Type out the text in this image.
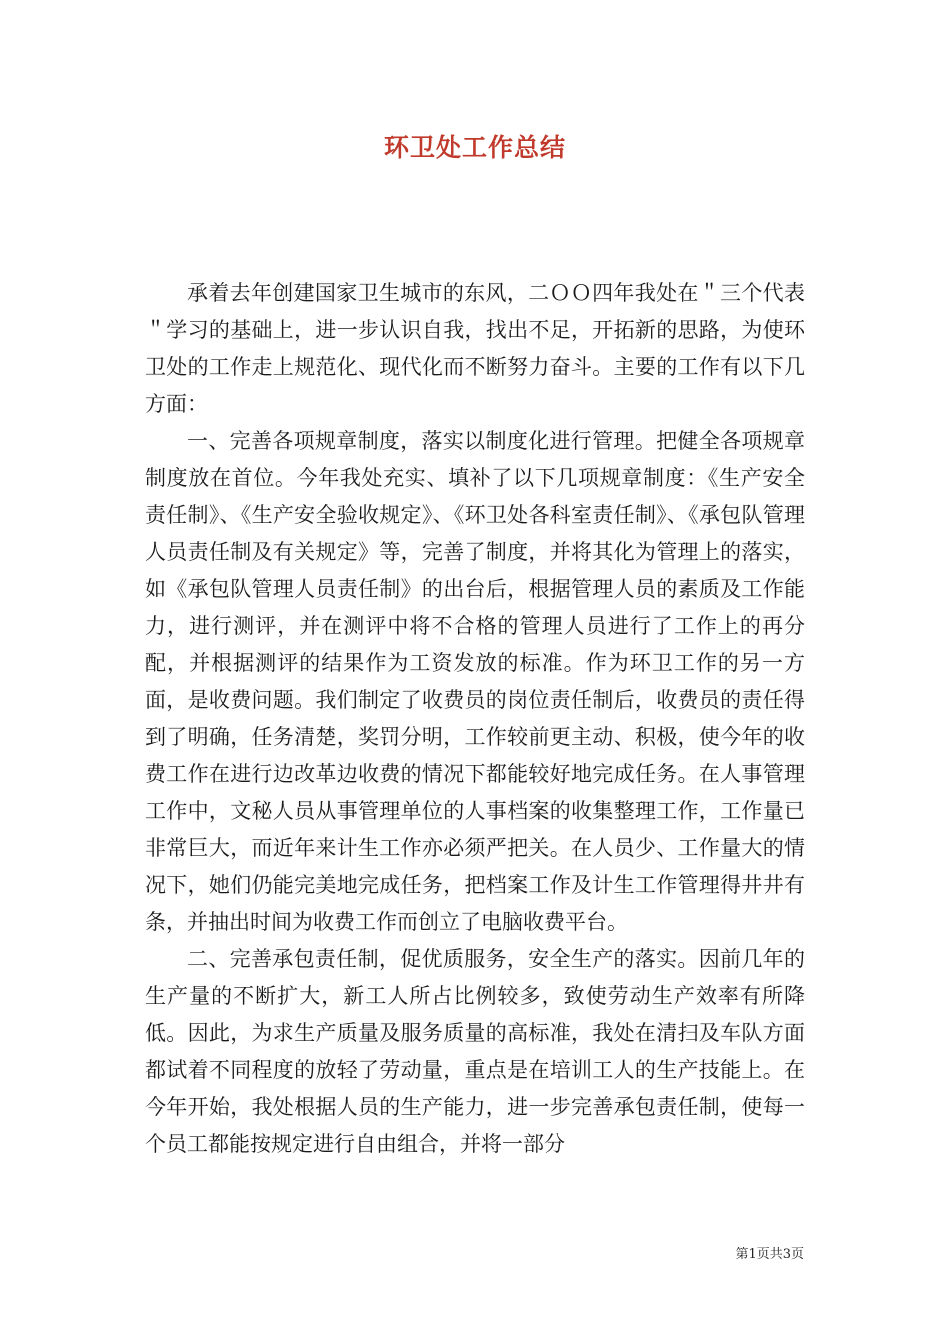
环卫处工作总结

承着去年创建国家卫生城市的东风，二ＯＯ四年我处在＂三个代表＂学习的基础上，进一步认识自我，找出不足，开拓新的思路，为使环卫处的工作走上规范化、现代化而不断努力奋斗。主要的工作有以下几方面：

一、完善各项规章制度，落实以制度化进行管理。把健全各项规章制度放在首位。今年我处充实、填补了以下几项规章制度：《生产安全责任制》、《生产安全验收规定》、《环卫处各科室责任制》、《承包队管理人员责任制及有关规定》等，完善了制度，并将其化为管理上的落实，如《承包队管理人员责任制》的出台后，根据管理人员的素质及工作能力，进行测评，并在测评中将不合格的管理人员进行了工作上的再分配，并根据测评的结果作为工资发放的标准。作为环卫工作的另一方面，是收费问题。我们制定了收费员的岗位责任制后，收费员的责任得到了明确，任务清楚，奖罚分明，工作较前更主动、积极，使今年的收费工作在进行边改革边收费的情况下都能较好地完成任务。在人事管理工作中，文秘人员从事管理单位的人事档案的收集整理工作，工作量已非常巨大，而近年来计生工作亦必须严把关。在人员少、工作量大的情况下，她们仍能完美地完成任务，把档案工作及计生工作管理得井井有条，并抽出时间为收费工作而创立了电脑收费平台。

二、完善承包责任制，促优质服务，安全生产的落实。因前几年的生产量的不断扩大，新工人所占比例较多，致使劳动生产效率有所降低。因此，为求生产质量及服务质量的高标准，我处在清扫及车队方面都试着不同程度的放轻了劳动量，重点是在培训工人的生产技能上。在今年开始，我处根据人员的生产能力，进一步完善承包责任制，使每一个员工都能按规定进行自由组合，并将一部分

第1页共3页
